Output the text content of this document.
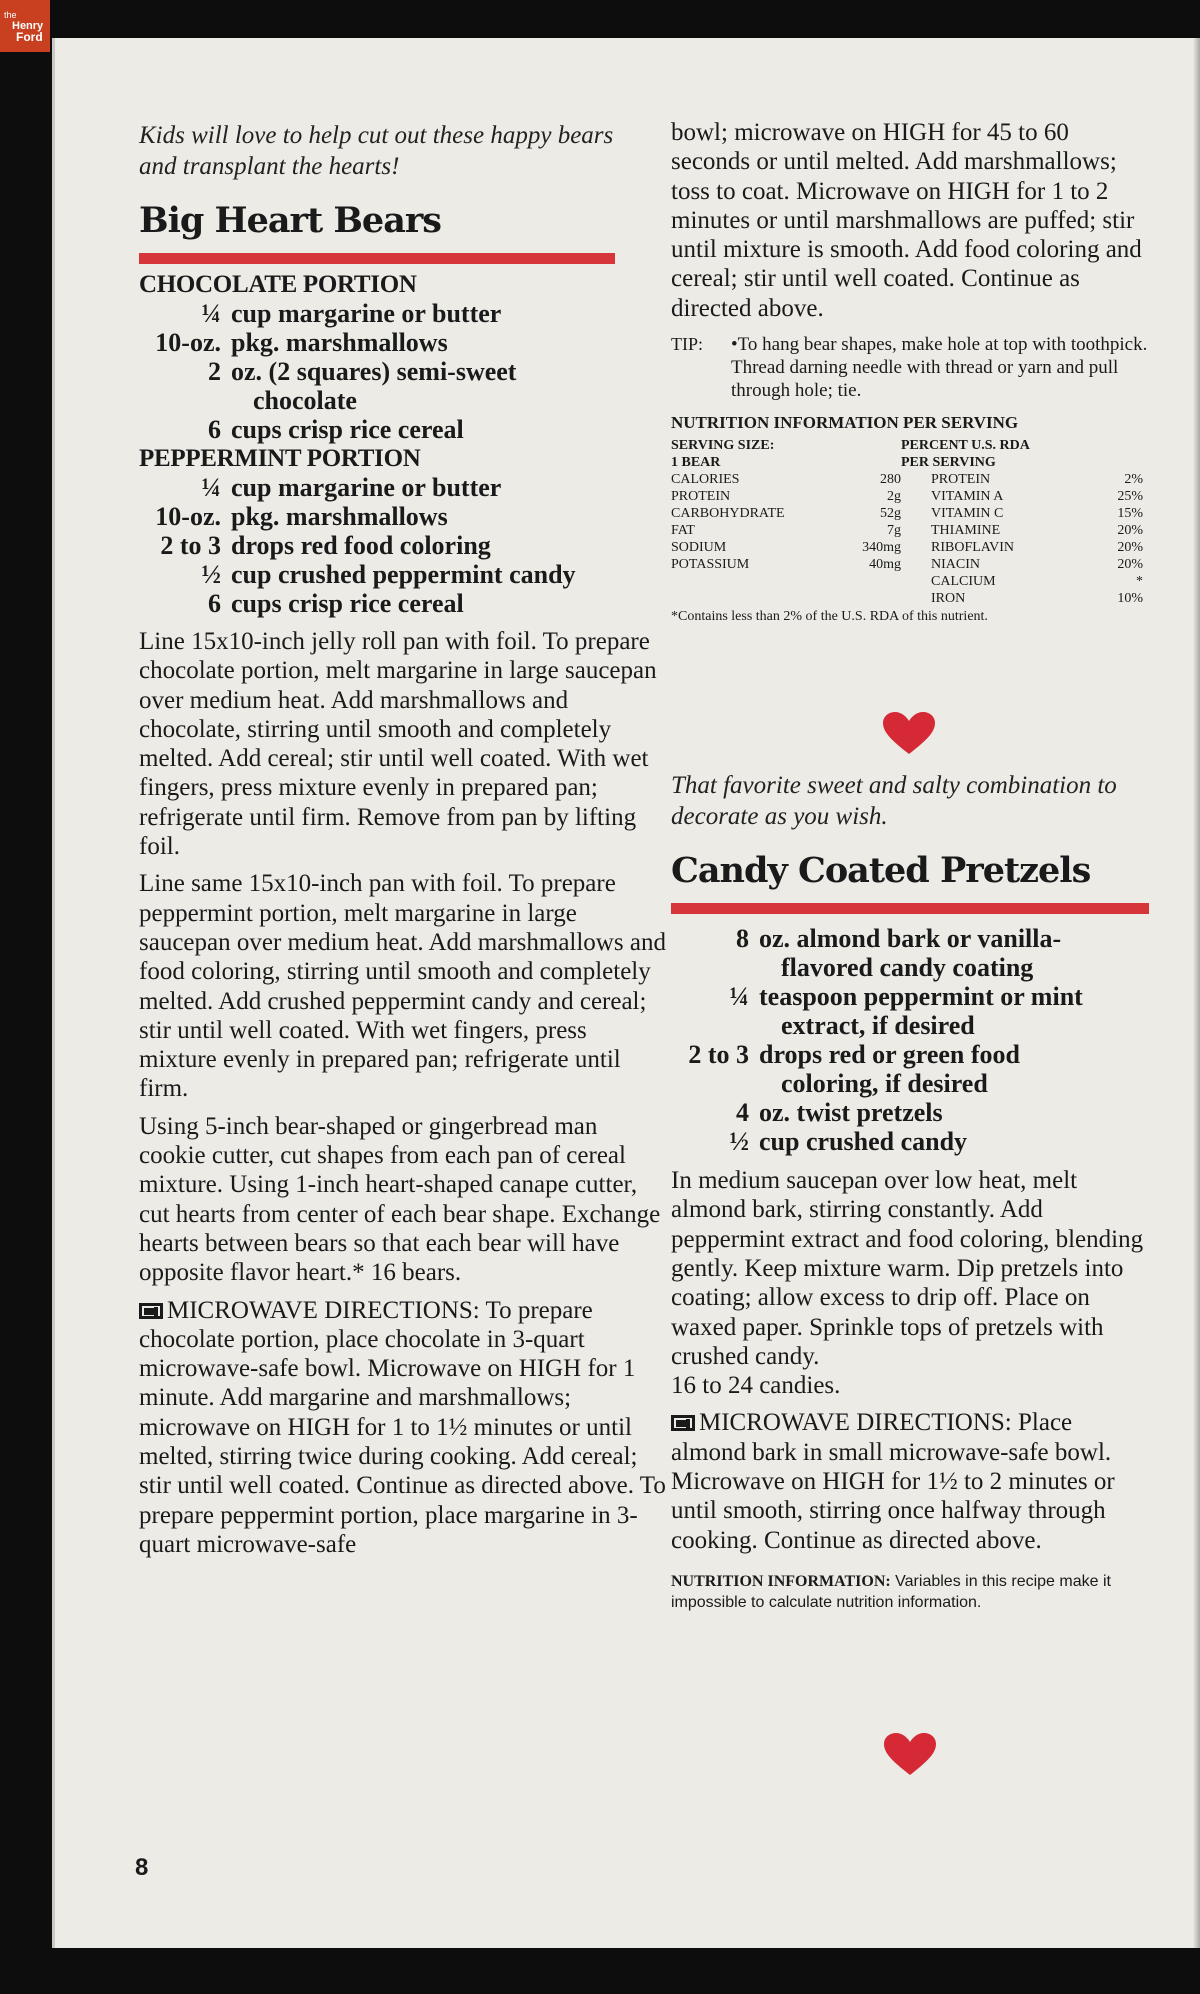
the
Henry
Ford

Kids will love to help cut out these happy bears and transplant the hearts!

Big Heart Bears

CHOCOLATE PORTION

¼ cup margarine or butter
10-oz. pkg. marshmallows
2 oz. (2 squares) semi-sweet
chocolate
6 cups crisp rice cereal

PEPPERMINT PORTION

¼ cup margarine or butter
10-oz. pkg. marshmallows
2 to 3 drops red food coloring
½ cup crushed peppermint candy
6 cups crisp rice cereal

Line 15x10-inch jelly roll pan with foil. To prepare chocolate portion, melt margarine in large saucepan over medium heat. Add marshmallows and chocolate, stirring until smooth and completely melted. Add cereal; stir until well coated. With wet fingers, press mixture evenly in prepared pan; refrigerate until firm. Remove from pan by lifting foil.

Line same 15x10-inch pan with foil. To prepare peppermint portion, melt margarine in large saucepan over medium heat. Add marshmallows and food coloring, stirring until smooth and completely melted. Add crushed peppermint candy and cereal; stir until well coated. With wet fingers, press mixture evenly in prepared pan; refrigerate until firm.

Using 5-inch bear-shaped or gingerbread man cookie cutter, cut shapes from each pan of cereal mixture. Using 1-inch heart-shaped canape cutter, cut hearts from center of each bear shape. Exchange hearts between bears so that each bear will have opposite flavor heart.* 16 bears.

MICROWAVE DIRECTIONS: To prepare chocolate portion, place chocolate in 3-quart microwave-safe bowl. Microwave on HIGH for 1 minute. Add margarine and marshmallows; microwave on HIGH for 1 to 1½ minutes or until melted, stirring twice during cooking. Add cereal; stir until well coated. Continue as directed above. To prepare peppermint portion, place margarine in 3-quart microwave-safe

bowl; microwave on HIGH for 45 to 60 seconds or until melted. Add marshmallows; toss to coat. Microwave on HIGH for 1 to 2 minutes or until marshmallows are puffed; stir until mixture is smooth. Add food coloring and cereal; stir until well coated. Continue as directed above.

TIP:	•To hang bear shapes, make hole at top with toothpick. Thread darning needle with thread or yarn and pull through hole; tie.

NUTRITION INFORMATION PER SERVING

SERVING SIZE:		PERCENT U.S. RDA	
1 BEAR		PER SERVING	
CALORIES	280	PROTEIN	2%
PROTEIN	2g	VITAMIN A	25%
CARBOHYDRATE	52g	VITAMIN C	15%
FAT	7g	THIAMINE	20%
SODIUM	340mg	RIBOFLAVIN	20%
POTASSIUM	40mg	NIACIN	20%
		CALCIUM	*
		IRON	10%

*Contains less than 2% of the U.S. RDA of this nutrient.

That favorite sweet and salty combination to decorate as you wish.

Candy Coated Pretzels
8 oz. almond bark or vanilla-
flavored candy coating
¼ teaspoon peppermint or mint
extract, if desired
2 to 3 drops red or green food
coloring, if desired
4 oz. twist pretzels
½ cup crushed candy

In medium saucepan over low heat, melt almond bark, stirring constantly. Add peppermint extract and food coloring, blending gently. Keep mixture warm. Dip pretzels into coating; allow excess to drip off. Place on waxed paper. Sprinkle tops of pretzels with crushed candy.

16 to 24 candies.

MICROWAVE DIRECTIONS: Place almond bark in small microwave-safe bowl. Microwave on HIGH for 1½ to 2 minutes or until smooth, stirring once halfway through cooking. Continue as directed above.

NUTRITION INFORMATION: Variables in this recipe make it impossible to calculate nutrition information.

8
